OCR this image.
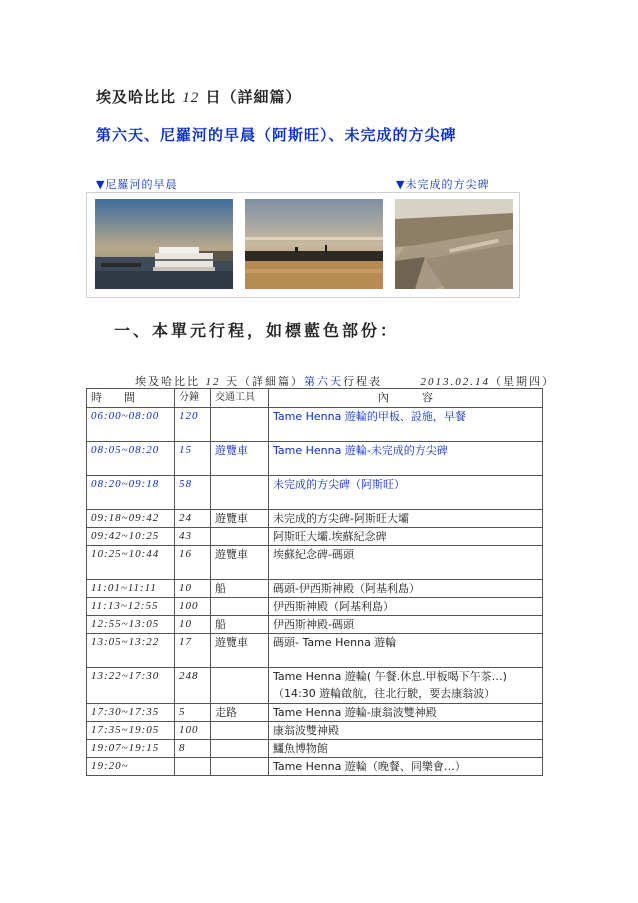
埃及哈比比 12 日（詳細篇）
第六天、尼羅河的早晨（阿斯旺）、未完成的方尖碑
▼尼羅河的早晨	▼未完成的方尖碑
一、本單元行程，如標藍色部份：
埃及哈比比 12 天（詳細篇）第六天行程表	2013.02.14（星期四）
時　　間	分鐘	交通工具	內　　　容
06:00~08:00	120		Tame Henna 遊輪的甲板、設施，早餐

08:05~08:20	15	遊覽車	Tame Henna 遊輪-未完成的方尖碑

08:20~09:18	58		未完成的方尖碑（阿斯旺）

09:18~09:42	24	遊覽車	未完成的方尖碑-阿斯旺大壩

09:42~10:25	43		阿斯旺大壩.埃蘇紀念碑

10:25~10:44	16	遊覽車	埃蘇紀念碑-碼頭

11:01~11:11	10	船	碼頭-伊西斯神殿（阿基利島）

11:13~12:55	100		伊西斯神殿（阿基利島）

12:55~13:05	10	船	伊西斯神殿-碼頭

13:05~13:22	17	遊覽車	碼頭- Tame Henna 遊輪

13:22~17:30	248		Tame Henna 遊輪( 午餐.休息.甲板喝下午茶…)
（14:30 遊輪啟航，往北行駛，要去康翁波）

17:30~17:35	5	走路	Tame Henna 遊輪-康翁波雙神殿

17:35~19:05	100		康翁波雙神殿

19:07~19:15	8		鱷魚博物館

19:20~			Tame Henna 遊輪（晚餐、同樂會…）
